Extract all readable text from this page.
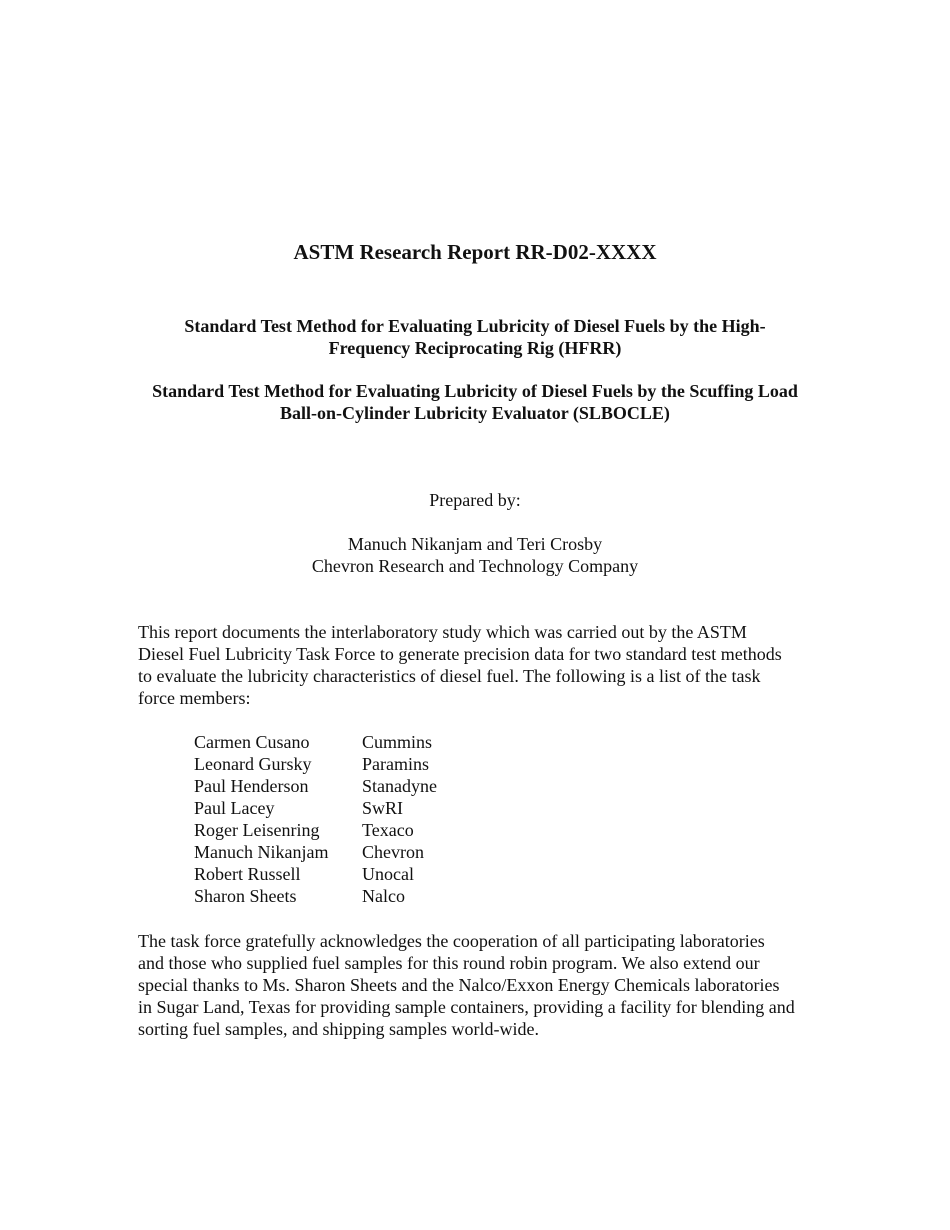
ASTM Research Report RR-D02-XXXX
Standard Test Method for Evaluating Lubricity of Diesel Fuels by the High-
Frequency Reciprocating Rig (HFRR)
Standard Test Method for Evaluating Lubricity of Diesel Fuels by the Scuffing Load
Ball-on-Cylinder Lubricity Evaluator (SLBOCLE)
Prepared by:
Manuch Nikanjam and Teri Crosby
Chevron Research and Technology Company
This report documents the interlaboratory study which was carried out by the ASTM
Diesel Fuel Lubricity Task Force to generate precision data for two standard test methods
to evaluate the lubricity characteristics of diesel fuel. The following is a list of the task
force members:
Carmen Cusano	Cummins
Leonard Gursky	Paramins
Paul Henderson	Stanadyne
Paul Lacey	SwRI
Roger Leisenring	Texaco
Manuch Nikanjam	Chevron
Robert Russell	Unocal
Sharon Sheets	Nalco
The task force gratefully acknowledges the cooperation of all participating laboratories
and those who supplied fuel samples for this round robin program. We also extend our
special thanks to Ms. Sharon Sheets and the Nalco/Exxon Energy Chemicals laboratories
in Sugar Land, Texas for providing sample containers, providing a facility for blending and
sorting fuel samples, and shipping samples world-wide.
